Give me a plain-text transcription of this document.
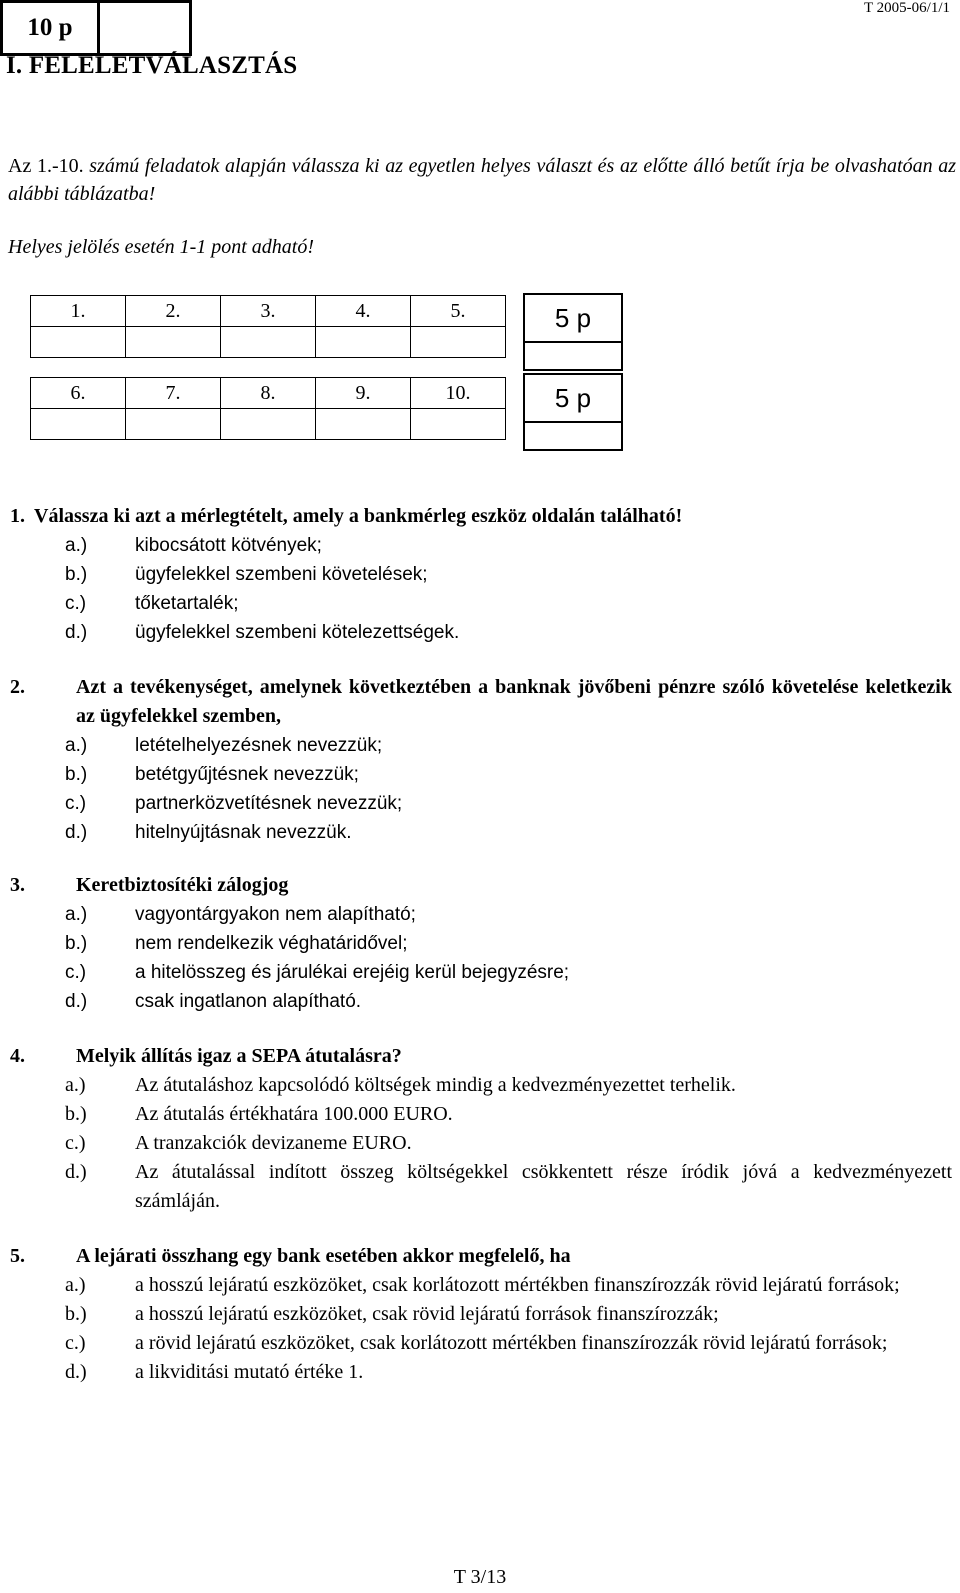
T 2005-06/1/1
I. FELELETVÁLASZTÁS
10 p
Az 1.-10. számú feladatok alapján válassza ki az egyetlen helyes választ és az előtte álló betűt írja be olvashatóan az alábbi táblázatba!
Helyes jelölés esetén 1-1 pont adható!
1.	2.	3.	4.	5.
					5 p
6.	7.	8.	9.	10.
					5 p
1. Válassza ki azt a mérlegtételt, amely a bankmérleg eszköz oldalán található!
a.)	kibocsátott kötvények;
b.)	ügyfelekkel szembeni követelések;
c.)	tőketartalék;
d.)	ügyfelekkel szembeni kötelezettségek.
2.	Azt a tevékenységet, amelynek következtében a banknak jövőbeni pénzre szóló követelése keletkezik az ügyfelekkel szemben,
a.)	letételhelyezésnek nevezzük;
b.)	betétgyűjtésnek nevezzük;
c.)	partnerközvetítésnek nevezzük;
d.)	hitelnyújtásnak nevezzük.
3.	Keretbiztosítéki zálogjog
a.)	vagyontárgyakon nem alapítható;
b.)	nem rendelkezik véghatáridővel;
c.)	a hitelösszeg és járulékai erejéig kerül bejegyzésre;
d.)	csak ingatlanon alapítható.
4.	Melyik állítás igaz a SEPA átutalásra?
a.)	Az átutaláshoz kapcsolódó költségek mindig a kedvezményezettet terhelik.
b.)	Az átutalás értékhatára 100.000 EURO.
c.)	A tranzakciók devizaneme EURO.
d.)	Az átutalással indított összeg költségekkel csökkentett része íródik jóvá a kedvezményezett számláján.
5.	A lejárati összhang egy bank esetében akkor megfelelő, ha
a.)	a hosszú lejáratú eszközöket, csak korlátozott mértékben finanszírozzák rövid lejáratú források;
b.)	a hosszú lejáratú eszközöket, csak rövid lejáratú források finanszírozzák;
c.)	a rövid lejáratú eszközöket, csak korlátozott mértékben finanszírozzák rövid lejáratú források;
d.)	a likviditási mutató értéke 1.
T 3/13
